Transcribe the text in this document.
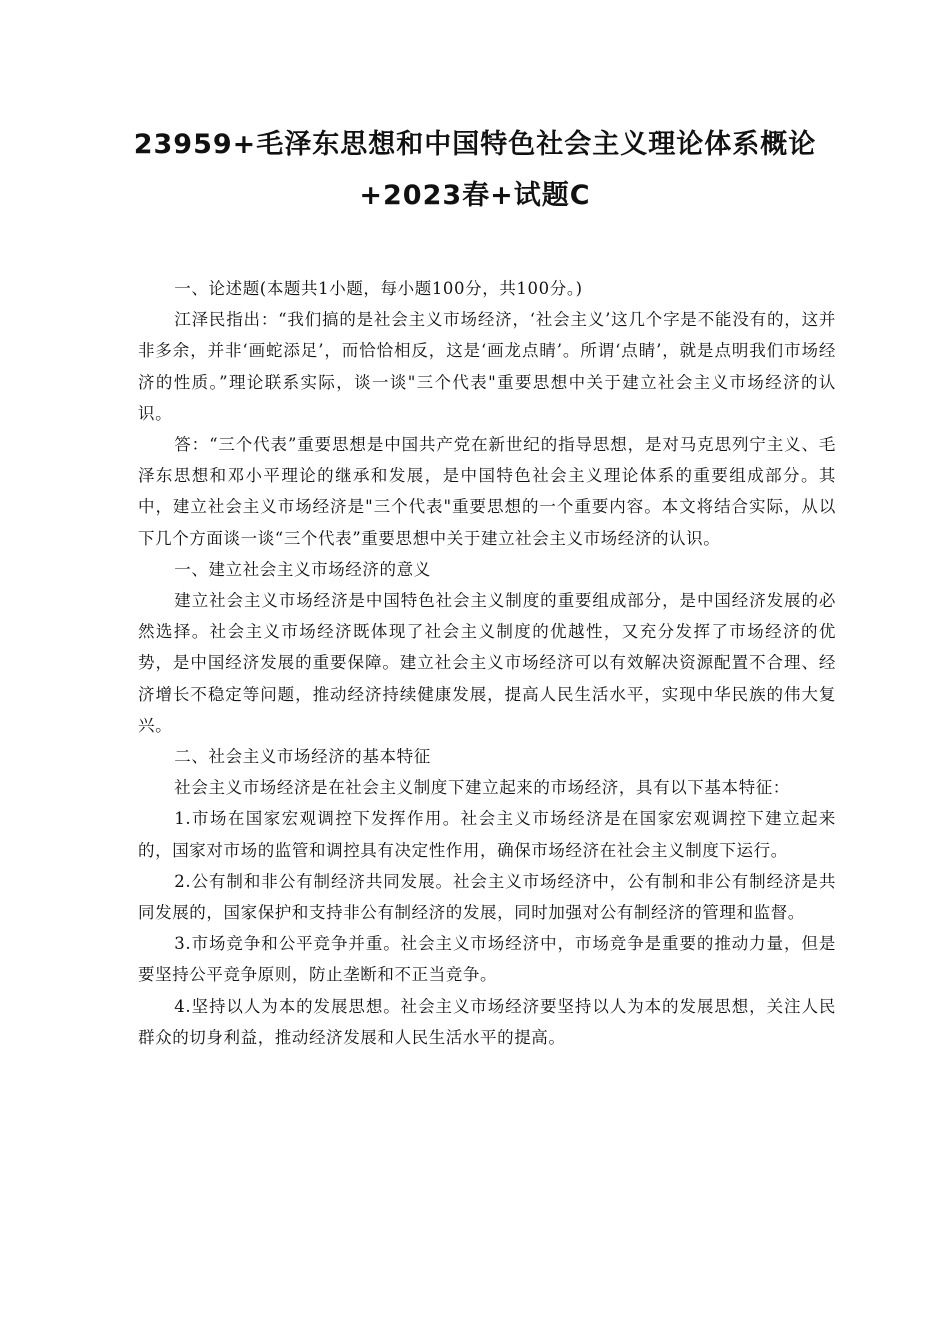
23959+毛泽东思想和中国特色社会主义理论体系概论
+2023春+试题C

一、论述题(本题共1小题，每小题100分，共100分。)

江泽民指出：“我们搞的是社会主义市场经济，‘社会主义’这几个字是不能没有的，这并非多余，并非‘画蛇添足’，而恰恰相反，这是‘画龙点睛’。所谓‘点睛’，就是点明我们市场经济的性质。”理论联系实际，谈一谈"三个代表"重要思想中关于建立社会主义市场经济的认识。

答：“三个代表”重要思想是中国共产党在新世纪的指导思想，是对马克思列宁主义、毛泽东思想和邓小平理论的继承和发展，是中国特色社会主义理论体系的重要组成部分。其中，建立社会主义市场经济是"三个代表"重要思想的一个重要内容。本文将结合实际，从以下几个方面谈一谈“三个代表”重要思想中关于建立社会主义市场经济的认识。

一、建立社会主义市场经济的意义

建立社会主义市场经济是中国特色社会主义制度的重要组成部分，是中国经济发展的必然选择。社会主义市场经济既体现了社会主义制度的优越性，又充分发挥了市场经济的优势，是中国经济发展的重要保障。建立社会主义市场经济可以有效解决资源配置不合理、经济增长不稳定等问题，推动经济持续健康发展，提高人民生活水平，实现中华民族的伟大复兴。

二、社会主义市场经济的基本特征

社会主义市场经济是在社会主义制度下建立起来的市场经济，具有以下基本特征：

1.市场在国家宏观调控下发挥作用。社会主义市场经济是在国家宏观调控下建立起来的，国家对市场的监管和调控具有决定性作用，确保市场经济在社会主义制度下运行。

2.公有制和非公有制经济共同发展。社会主义市场经济中，公有制和非公有制经济是共同发展的，国家保护和支持非公有制经济的发展，同时加强对公有制经济的管理和监督。

3.市场竞争和公平竞争并重。社会主义市场经济中，市场竞争是重要的推动力量，但是要坚持公平竞争原则，防止垄断和不正当竞争。

4.坚持以人为本的发展思想。社会主义市场经济要坚持以人为本的发展思想，关注人民群众的切身利益，推动经济发展和人民生活水平的提高。
